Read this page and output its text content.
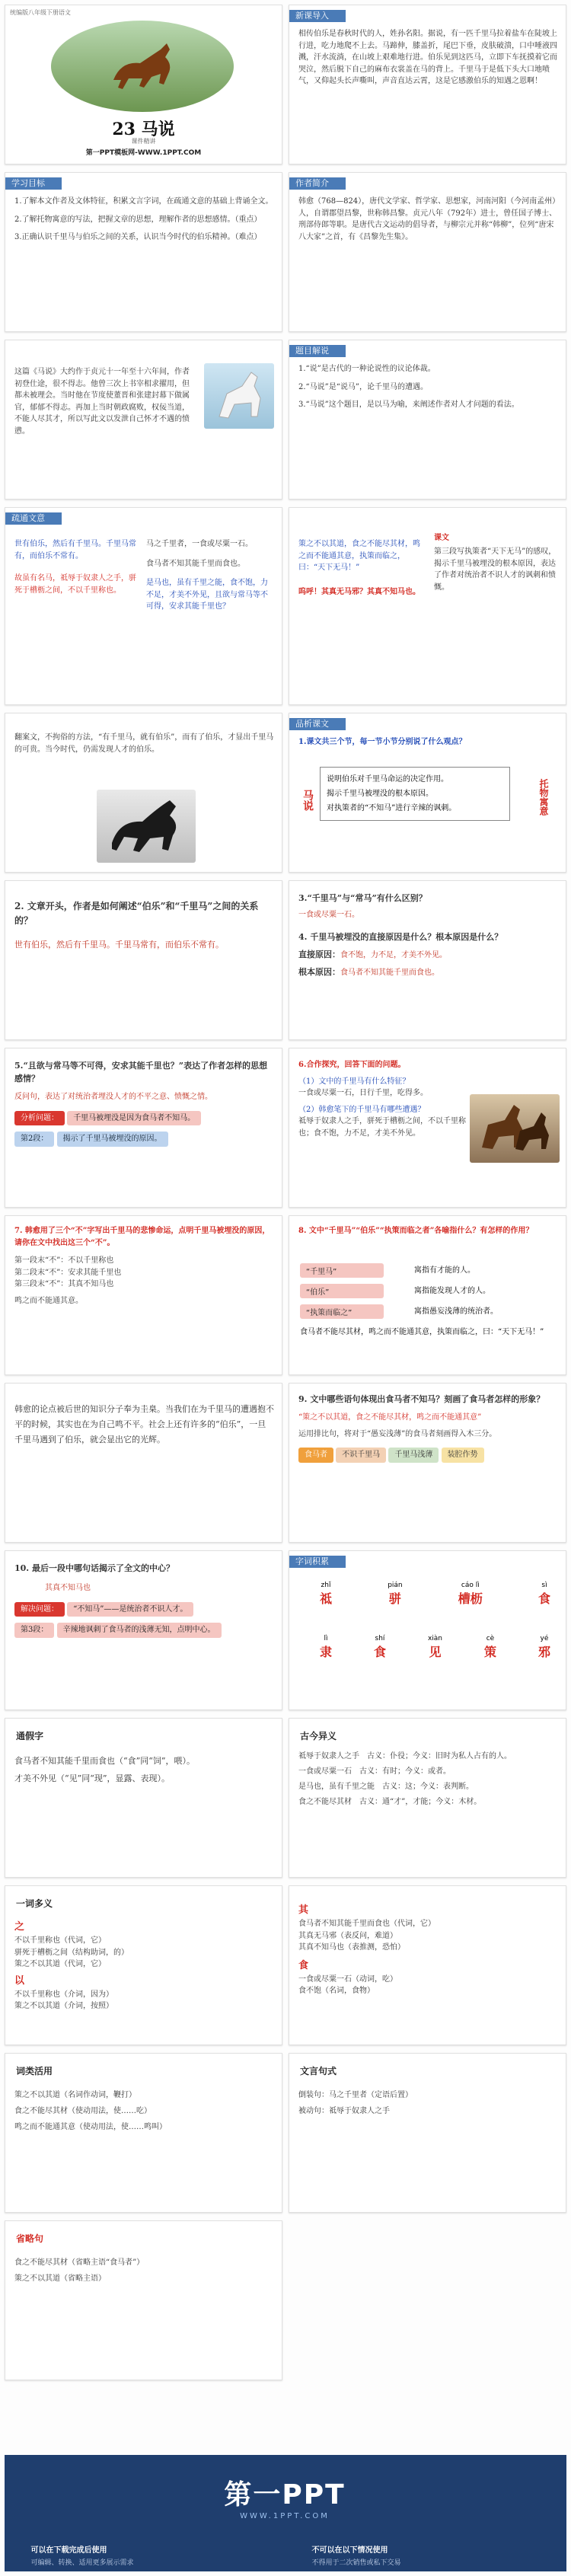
统编版八年级下册语文
23 马说
课件精讲
第一PPT模板网-WWW.1PPT.COM
新课导入
相传伯乐是春秋时代的人，姓孙名阳。据说，有一匹千里马拉着盐车在陡坡上行进，吃力地爬不上去。马蹄伸，膝盖折，尾巴下垂，皮肤破溃，口中唾液四溅，汗水流淌，在山坡上艰难地行进。伯乐见到这匹马，立即下车抚摸着它而哭泣，然后脱下自己的麻布衣裳盖在马的背上。千里马于是低下头大口地喷气，又仰起头长声嘶叫，声音直达云霄，这是它感激伯乐的知遇之恩啊！
学习目标

1.了解本文作者及文体特征，积累文言字词，在疏通文意的基础上背诵全文。

2.了解托物寓意的写法，把握文章的思想，理解作者的思想感情。（重点）

3.正确认识千里马与伯乐之间的关系，认识当今时代的伯乐精神。（难点）

作者简介
韩愈（768—824），唐代文学家、哲学家、思想家，河南河阳（今河南孟州）人，自谓郡望昌黎，世称韩昌黎。贞元八年（792年）进士，曾任国子博士、刑部侍郎等职。是唐代古文运动的倡导者，与柳宗元并称“韩柳”，位列“唐宋八大家”之首，有《昌黎先生集》。
这篇《马说》大约作于贞元十一年至十六年间，作者初登仕途，很不得志。他曾三次上书宰相求擢用，但都未被理会。当时他在节度使董晋和张建封幕下做属官，郁郁不得志。再加上当时朝政腐败，权佞当道，不能人尽其才，所以写此文以发泄自己怀才不遇的愤懑。
题目解说

1.“说”是古代的一种论说性的议论体裁。

2.“马说”是“说马”，论千里马的遭遇。

3.“马说”这个题目，是以马为喻，来阐述作者对人才问题的看法。

疏通文意

世有伯乐，然后有千里马。千里马常有，而伯乐不常有。

故虽有名马，祗辱于奴隶人之手，骈死于槽枥之间，不以千里称也。

马之千里者，一食或尽粟一石。

食马者不知其能千里而食也。

是马也，虽有千里之能，食不饱，力不足，才美不外见，且欲与常马等不可得，安求其能千里也？

策之不以其道，食之不能尽其材，鸣之而不能通其意，执策而临之，曰：“天下无马！”

呜呼！其真无马邪？其真不知马也。

课文
第三段写执策者“天下无马”的感叹，揭示千里马被埋没的根本原因，表达了作者对统治者不识人才的讽刺和愤慨。
翻案文，不拘俗的方法，“有千里马，就有伯乐”，而有了伯乐，才显出千里马的可贵。当今时代，仍需发现人才的伯乐。
品析课文

1.课文共三个节，每一节小节分别说了什么观点？

马说

说明伯乐对千里马命运的决定作用。

揭示千里马被埋没的根本原因。

对执策者的“不知马”进行辛辣的讽刺。	托物寓意

2. 文章开头，作者是如何阐述“伯乐”和“千里马”之间的关系的？

世有伯乐，然后有千里马。千里马常有，而伯乐不常有。

3.“千里马”与“常马”有什么区别？

一食或尽粟一石。

4. 千里马被埋没的直接原因是什么？根本原因是什么？

直接原因：食不饱，力不足，才美不外见。

根本原因：食马者不知其能千里而食也。

5.“且欲与常马等不可得，安求其能千里也？”表达了作者怎样的思想感情？

反问句，表达了对统治者埋没人才的不平之意、愤慨之情。

分析问题： 千里马被埋没是因为食马者不知马。

第2段： 揭示了千里马被埋没的原因。

6.合作探究，回答下面的问题。

（1）文中的千里马有什么特征？

一食或尽粟一石，日行千里，吃得多。

（2）韩愈笔下的千里马有哪些遭遇？

祗辱于奴隶人之手，骈死于槽枥之间，不以千里称也；食不饱，力不足，才美不外见。

7. 韩愈用了三个“不”字写出千里马的悲惨命运，点明千里马被埋没的原因，请你在文中找出这三个“不”。

第一段末“不”：不以千里称也

第二段末“不”：安求其能千里也

第三段末“不”：其真不知马也

鸣之而不能通其意。

8. 文中“千里马”“伯乐”“执策而临之者”各喻指什么？有怎样的作用？

“千里马”	寓指有才能的人。
“伯乐”	寓指能发现人才的人。
“执策而临之”	寓指愚妄浅薄的统治者。

食马者不能尽其材，鸣之而不能通其意，执策而临之，曰：“天下无马！”

韩愈的论点被后世的知识分子奉为圭臬。当我们在为千里马的遭遇抱不平的时候，其实也在为自己鸣不平。社会上还有许多的“伯乐”，一旦千里马遇到了伯乐，就会显出它的光辉。

9. 文中哪些语句体现出食马者不知马？刻画了食马者怎样的形象？

“策之不以其道，食之不能尽其材，鸣之而不能通其意”

运用排比句，将对于“愚妄浅薄”的食马者刻画得入木三分。

食马者 不识千里马 千里马浅薄 装腔作势

10. 最后一段中哪句话揭示了全文的中心？

其真不知马也

解决问题： “不知马”——是统治者不识人才。

第3段： 辛辣地讽刺了食马者的浅薄无知，点明中心。

字词积累
zhǐ
祗
pián
骈
cáo lì
槽枥
sì
食
lì
隶
shí
食
xiàn
见
cè
策
yé
邪
通假字

食马者不知其能千里而食也（“食”同“饲”，喂）。

才美不外见（“见”同“现”，显露、表现）。

古今异义

祗辱于奴隶人之手　古义：仆役；今义：旧时为私人占有的人。

一食或尽粟一石　古义：有时；今义：或者。

是马也，虽有千里之能　古义：这；今义：表判断。

食之不能尽其材　古义：通“才”，才能；今义：木材。

一词多义

之

不以千里称也（代词，它）

骈死于槽枥之间（结构助词，的）

策之不以其道（代词，它）

以

不以千里称也（介词，因为）

策之不以其道（介词，按照）

其

食马者不知其能千里而食也（代词，它）

其真无马邪（表反问，难道）

其真不知马也（表推测，恐怕）

食

一食或尽粟一石（动词，吃）

食不饱（名词，食物）

词类活用

策之不以其道（名词作动词，鞭打）

食之不能尽其材（使动用法，使……吃）

鸣之而不能通其意（使动用法，使……鸣叫）

文言句式

倒装句：马之千里者（定语后置）

被动句：祗辱于奴隶人之手

省略句

食之不能尽其材（省略主语“食马者”）

策之不以其道（省略主语）

第一PPT
WWW.1PPT.COM
可以在下载完成后使用
可编辑、转换、适用更多展示需求
不可以在以下情况使用
不得用于二次销售或私下交易
